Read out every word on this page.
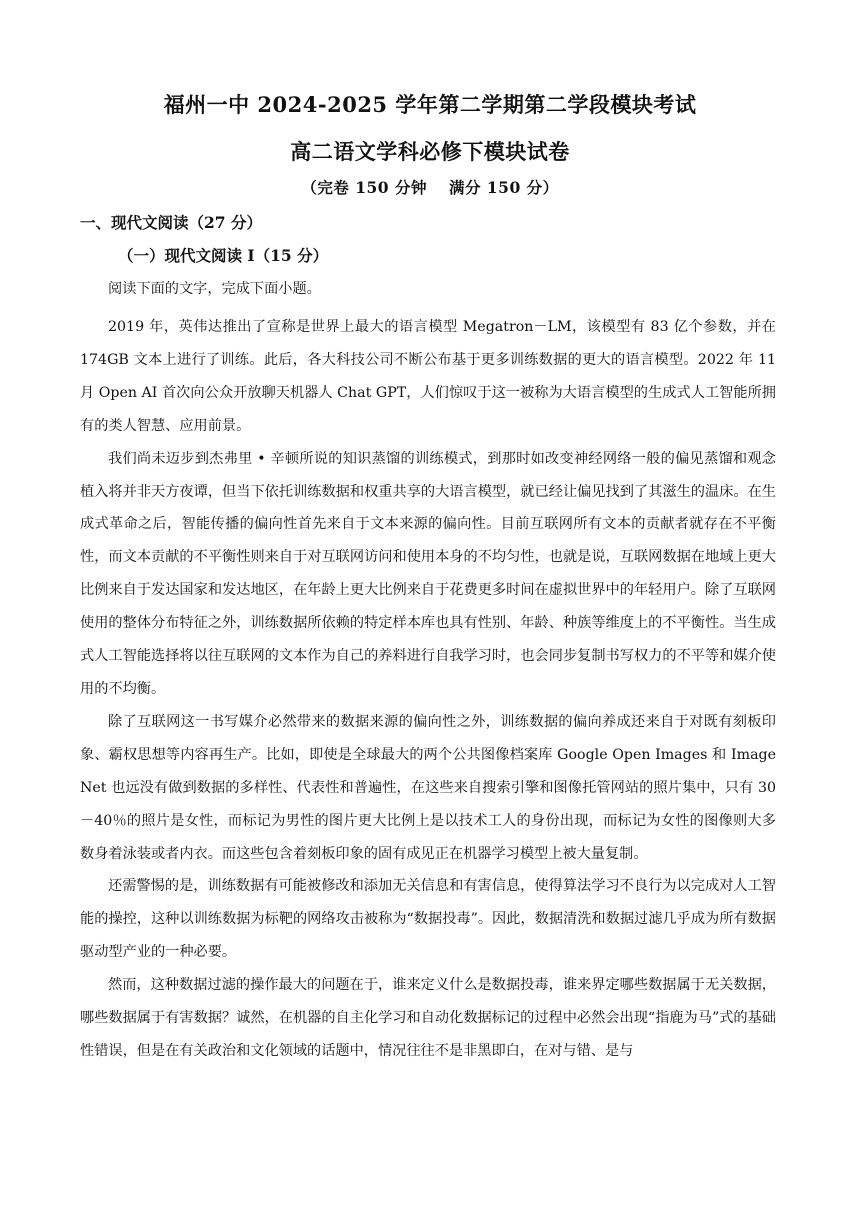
福州一中 2024-2025 学年第二学期第二学段模块考试
高二语文学科必修下模块试卷
（完卷 150 分钟 满分 150 分）
一、现代文阅读（27 分）
（一）现代文阅读 I（15 分）
阅读下面的文字，完成下面小题。

2019 年，英伟达推出了宣称是世界上最大的语言模型 Megatron－LM，该模型有 83 亿个参数，并在 174GB 文本上进行了训练。此后，各大科技公司不断公布基于更多训练数据的更大的语言模型。2022 年 11 月 Open AI 首次向公众开放聊天机器人 Chat GPT，人们惊叹于这一被称为大语言模型的生成式人工智能所拥有的类人智慧、应用前景。

我们尚未迈步到杰弗里 • 辛顿所说的知识蒸馏的训练模式，到那时如改变神经网络一般的偏见蒸馏和观念植入将并非天方夜谭，但当下依托训练数据和权重共享的大语言模型，就已经让偏见找到了其滋生的温床。在生成式革命之后，智能传播的偏向性首先来自于文本来源的偏向性。目前互联网所有文本的贡献者就存在不平衡性，而文本贡献的不平衡性则来自于对互联网访问和使用本身的不均匀性，也就是说，互联网数据在地域上更大比例来自于发达国家和发达地区，在年龄上更大比例来自于花费更多时间在虚拟世界中的年轻用户。除了互联网使用的整体分布特征之外，训练数据所依赖的特定样本库也具有性别、年龄、种族等维度上的不平衡性。当生成式人工智能选择将以往互联网的文本作为自己的养料进行自我学习时，也会同步复制书写权力的不平等和媒介使用的不均衡。

除了互联网这一书写媒介必然带来的数据来源的偏向性之外，训练数据的偏向养成还来自于对既有刻板印象、霸权思想等内容再生产。比如，即使是全球最大的两个公共图像档案库 Google Open Images 和 Image Net 也远没有做到数据的多样性、代表性和普遍性，在这些来自搜索引擎和图像托管网站的照片集中，只有 30－40％的照片是女性，而标记为男性的图片更大比例上是以技术工人的身份出现，而标记为女性的图像则大多数身着泳装或者内衣。而这些包含着刻板印象的固有成见正在机器学习模型上被大量复制。

还需警惕的是，训练数据有可能被修改和添加无关信息和有害信息，使得算法学习不良行为以完成对人工智能的操控，这种以训练数据为标靶的网络攻击被称为“数据投毒”。因此，数据清洗和数据过滤几乎成为所有数据驱动型产业的一种必要。

然而，这种数据过滤的操作最大的问题在于，谁来定义什么是数据投毒，谁来界定哪些数据属于无关数据，哪些数据属于有害数据？诚然，在机器的自主化学习和自动化数据标记的过程中必然会出现“指鹿为马”式的基础性错误，但是在有关政治和文化领域的话题中，情况往往不是非黑即白，在对与错、是与
